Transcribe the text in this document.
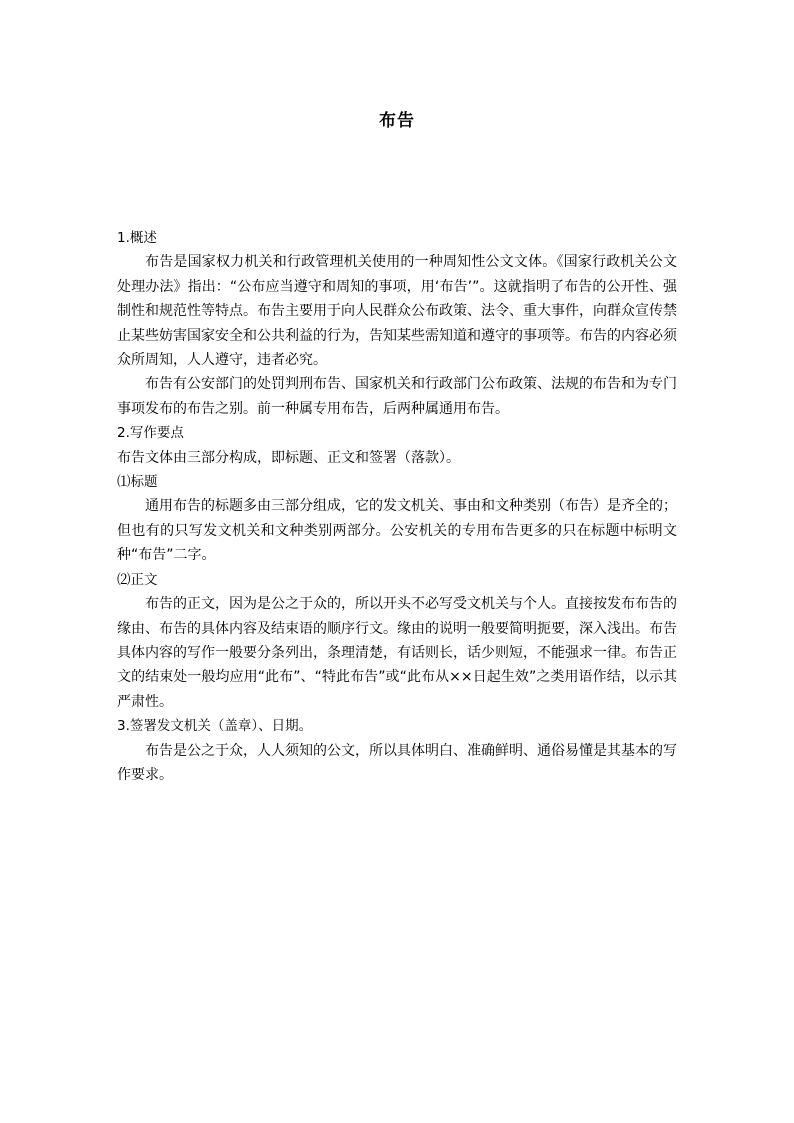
布告

1.概述

布告是国家权力机关和行政管理机关使用的一种周知性公文文体。《国家行政机关公文处理办法》指出：“公布应当遵守和周知的事项，用‘布告’”。这就指明了布告的公开性、强制性和规范性等特点。布告主要用于向人民群众公布政策、法令、重大事件，向群众宣传禁止某些妨害国家安全和公共利益的行为，告知某些需知道和遵守的事项等。布告的内容必须众所周知，人人遵守，违者必究。

布告有公安部门的处罚判刑布告、国家机关和行政部门公布政策、法规的布告和为专门事项发布的布告之别。前一种属专用布告，后两种属通用布告。

2.写作要点

布告文体由三部分构成，即标题、正文和签署（落款）。

⑴标题

通用布告的标题多由三部分组成，它的发文机关、事由和文种类别（布告）是齐全的；但也有的只写发文机关和文种类别两部分。公安机关的专用布告更多的只在标题中标明文种“布告”二字。

⑵正文

布告的正文，因为是公之于众的，所以开头不必写受文机关与个人。直接按发布布告的缘由、布告的具体内容及结束语的顺序行文。缘由的说明一般要简明扼要，深入浅出。布告具体内容的写作一般要分条列出，条理清楚，有话则长，话少则短，不能强求一律。布告正文的结束处一般均应用“此布”、“特此布告”或“此布从××日起生效”之类用语作结，以示其严肃性。

3.签署发文机关（盖章）、日期。

布告是公之于众，人人须知的公文，所以具体明白、准确鲜明、通俗易懂是其基本的写作要求。
